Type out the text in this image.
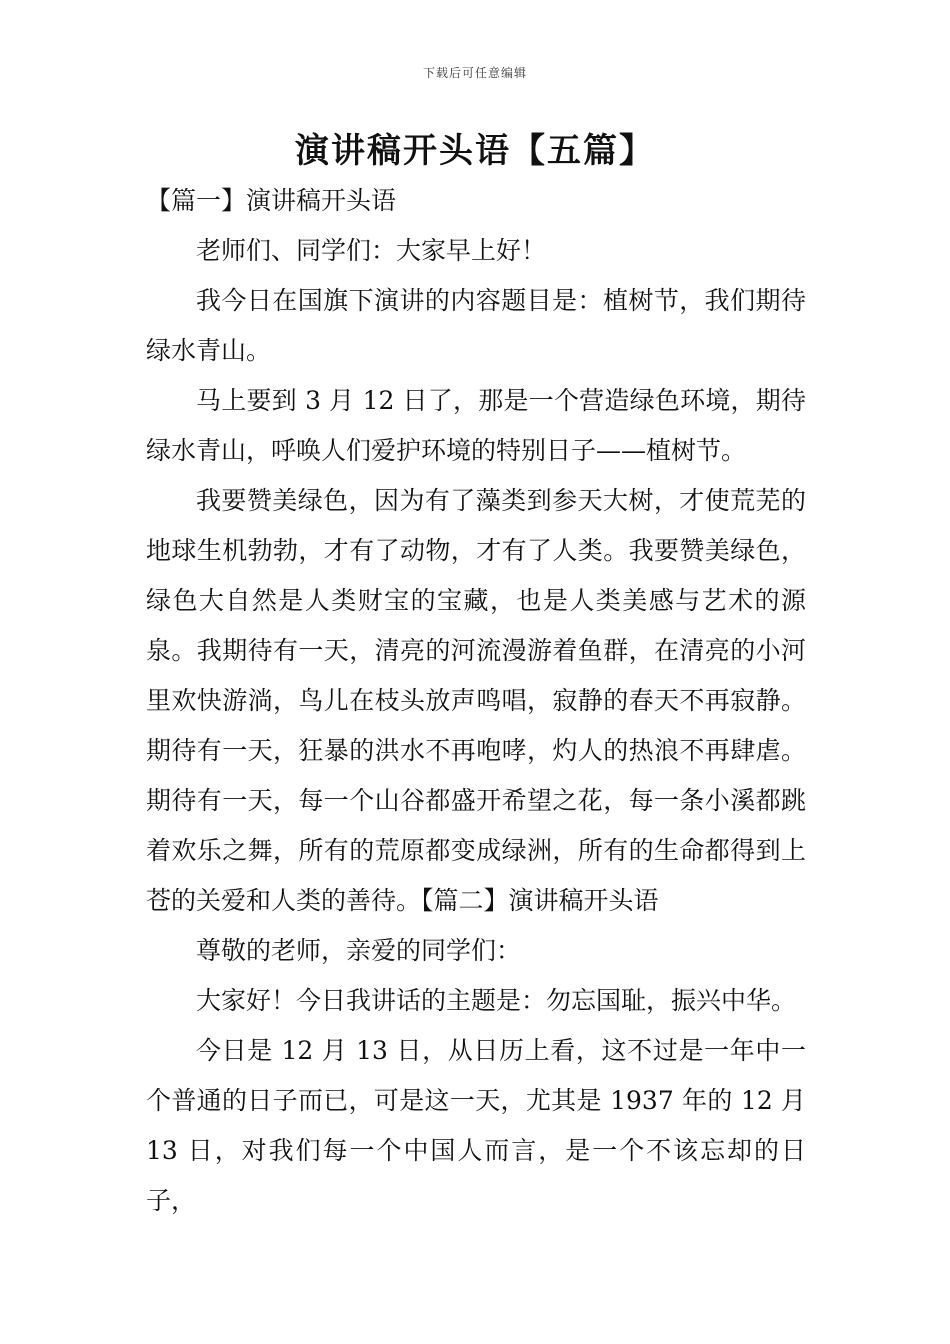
下载后可任意编辑
演讲稿开头语【五篇】

【篇一】演讲稿开头语

老师们、同学们：大家早上好！

我今日在国旗下演讲的内容题目是：植树节，我们期待绿水青山。

马上要到 3 月 12 日了，那是一个营造绿色环境，期待绿水青山，呼唤人们爱护环境的特别日子——植树节。

我要赞美绿色，因为有了藻类到参天大树，才使荒芜的地球生机勃勃，才有了动物，才有了人类。我要赞美绿色，绿色大自然是人类财宝的宝藏，也是人类美感与艺术的源泉。我期待有一天，清亮的河流漫游着鱼群，在清亮的小河里欢快游淌，鸟儿在枝头放声鸣唱，寂静的春天不再寂静。期待有一天，狂暴的洪水不再咆哮，灼人的热浪不再肆虐。期待有一天，每一个山谷都盛开希望之花，每一条小溪都跳着欢乐之舞，所有的荒原都变成绿洲，所有的生命都得到上苍的关爱和人类的善待。【篇二】演讲稿开头语

尊敬的老师，亲爱的同学们：

大家好！今日我讲话的主题是：勿忘国耻，振兴中华。

今日是 12 月 13 日，从日历上看，这不过是一年中一个普通的日子而已，可是这一天，尤其是 1937 年的 12 月 13 日，对我们每一个中国人而言，是一个不该忘却的日子，
